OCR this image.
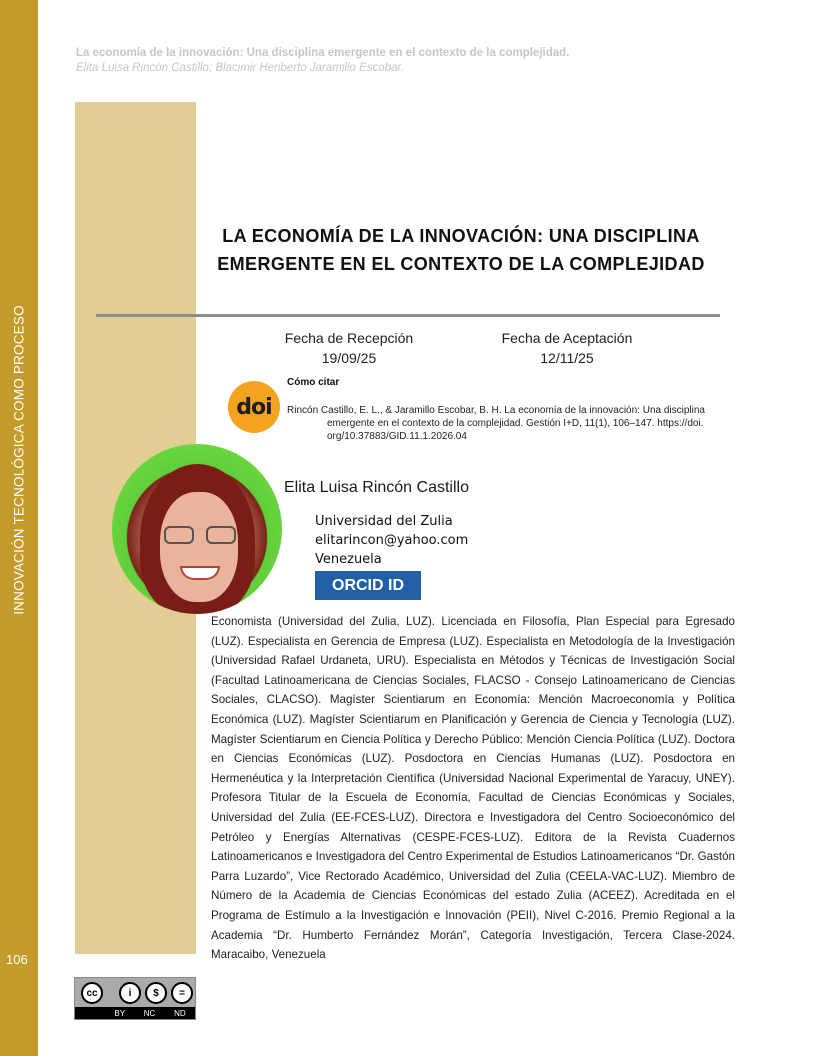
INNOVACIÓN TECNOLÓGICA COMO PROCESO
106
La economía de la innovación: Una disciplina emergente en el contexto de la complejidad.
Elita Luisa Rincón Castillo; Blacimir Heriberto Jaramillo Escobar.
LA ECONOMÍA DE LA INNOVACIÓN: UNA DISCIPLINA
EMERGENTE EN EL CONTEXTO DE LA COMPLEJIDAD
Fecha de Recepción
19/09/25
Fecha de Aceptación
12/11/25
doi
Cómo citar
Rincón Castillo, E. L., & Jaramillo Escobar, B. H. La economía de la innovación: Una disciplina
emergente en el contexto de la complejidad. Gestión I+D, 11(1), 106–147. https://doi.
org/10.37883/GID.11.1.2026.04
Elita Luisa Rincón Castillo
Universidad del Zulia
elitarincon@yahoo.com
Venezuela
ORCID ID
Economista (Universidad del Zulia, LUZ). Licenciada en Filosofía, Plan Especial para Egresado (LUZ). Especialista en Gerencia de Empresa (LUZ). Especialista en Metodología de la Investigación (Universidad Rafael Urdaneta, URU). Especialista en Métodos y Técnicas de Investigación Social (Facultad Latinoamericana de Ciencias Sociales, FLACSO - Consejo Latinoamericano de Ciencias Sociales, CLACSO). Magíster Scientiarum en Economía: Mención Macroeconomía y Política Económica (LUZ). Magíster Scientiarum en Planificación y Gerencia de Ciencia y Tecnología (LUZ). Magíster Scientiarum en Ciencia Política y Derecho Público: Mención Ciencia Política (LUZ). Doctora en Ciencias Económicas (LUZ). Posdoctora en Ciencias Humanas (LUZ). Posdoctora en Hermenéutica y la Interpretación Científica (Universidad Nacional Experimental de Yaracuy, UNEY). Profesora Titular de la Escuela de Economía, Facultad de Ciencias Económicas y Sociales, Universidad del Zulia (EE-FCES-LUZ). Directora e Investigadora del Centro Socioeconómico del Petróleo y Energías Alternativas (CESPE-FCES-LUZ). Editora de la Revista Cuadernos Latinoamericanos e Investigadora del Centro Experimental de Estudios Latinoamericanos “Dr. Gastón Parra Luzardo”, Vice Rectorado Académico, Universidad del Zulia (CEELA-VAC-LUZ). Miembro de Número de la Academia de Ciencias Económicas del estado Zulia (ACEEZ). Acreditada en el Programa de Estímulo a la Investigación e Innovación (PEII), Nivel C-2016. Premio Regional a la Academia “Dr. Humberto Fernández Morán”, Categoría Investigación, Tercera Clase-2024. Maracaibo, Venezuela
cc	i	$	=
BY NC ND
